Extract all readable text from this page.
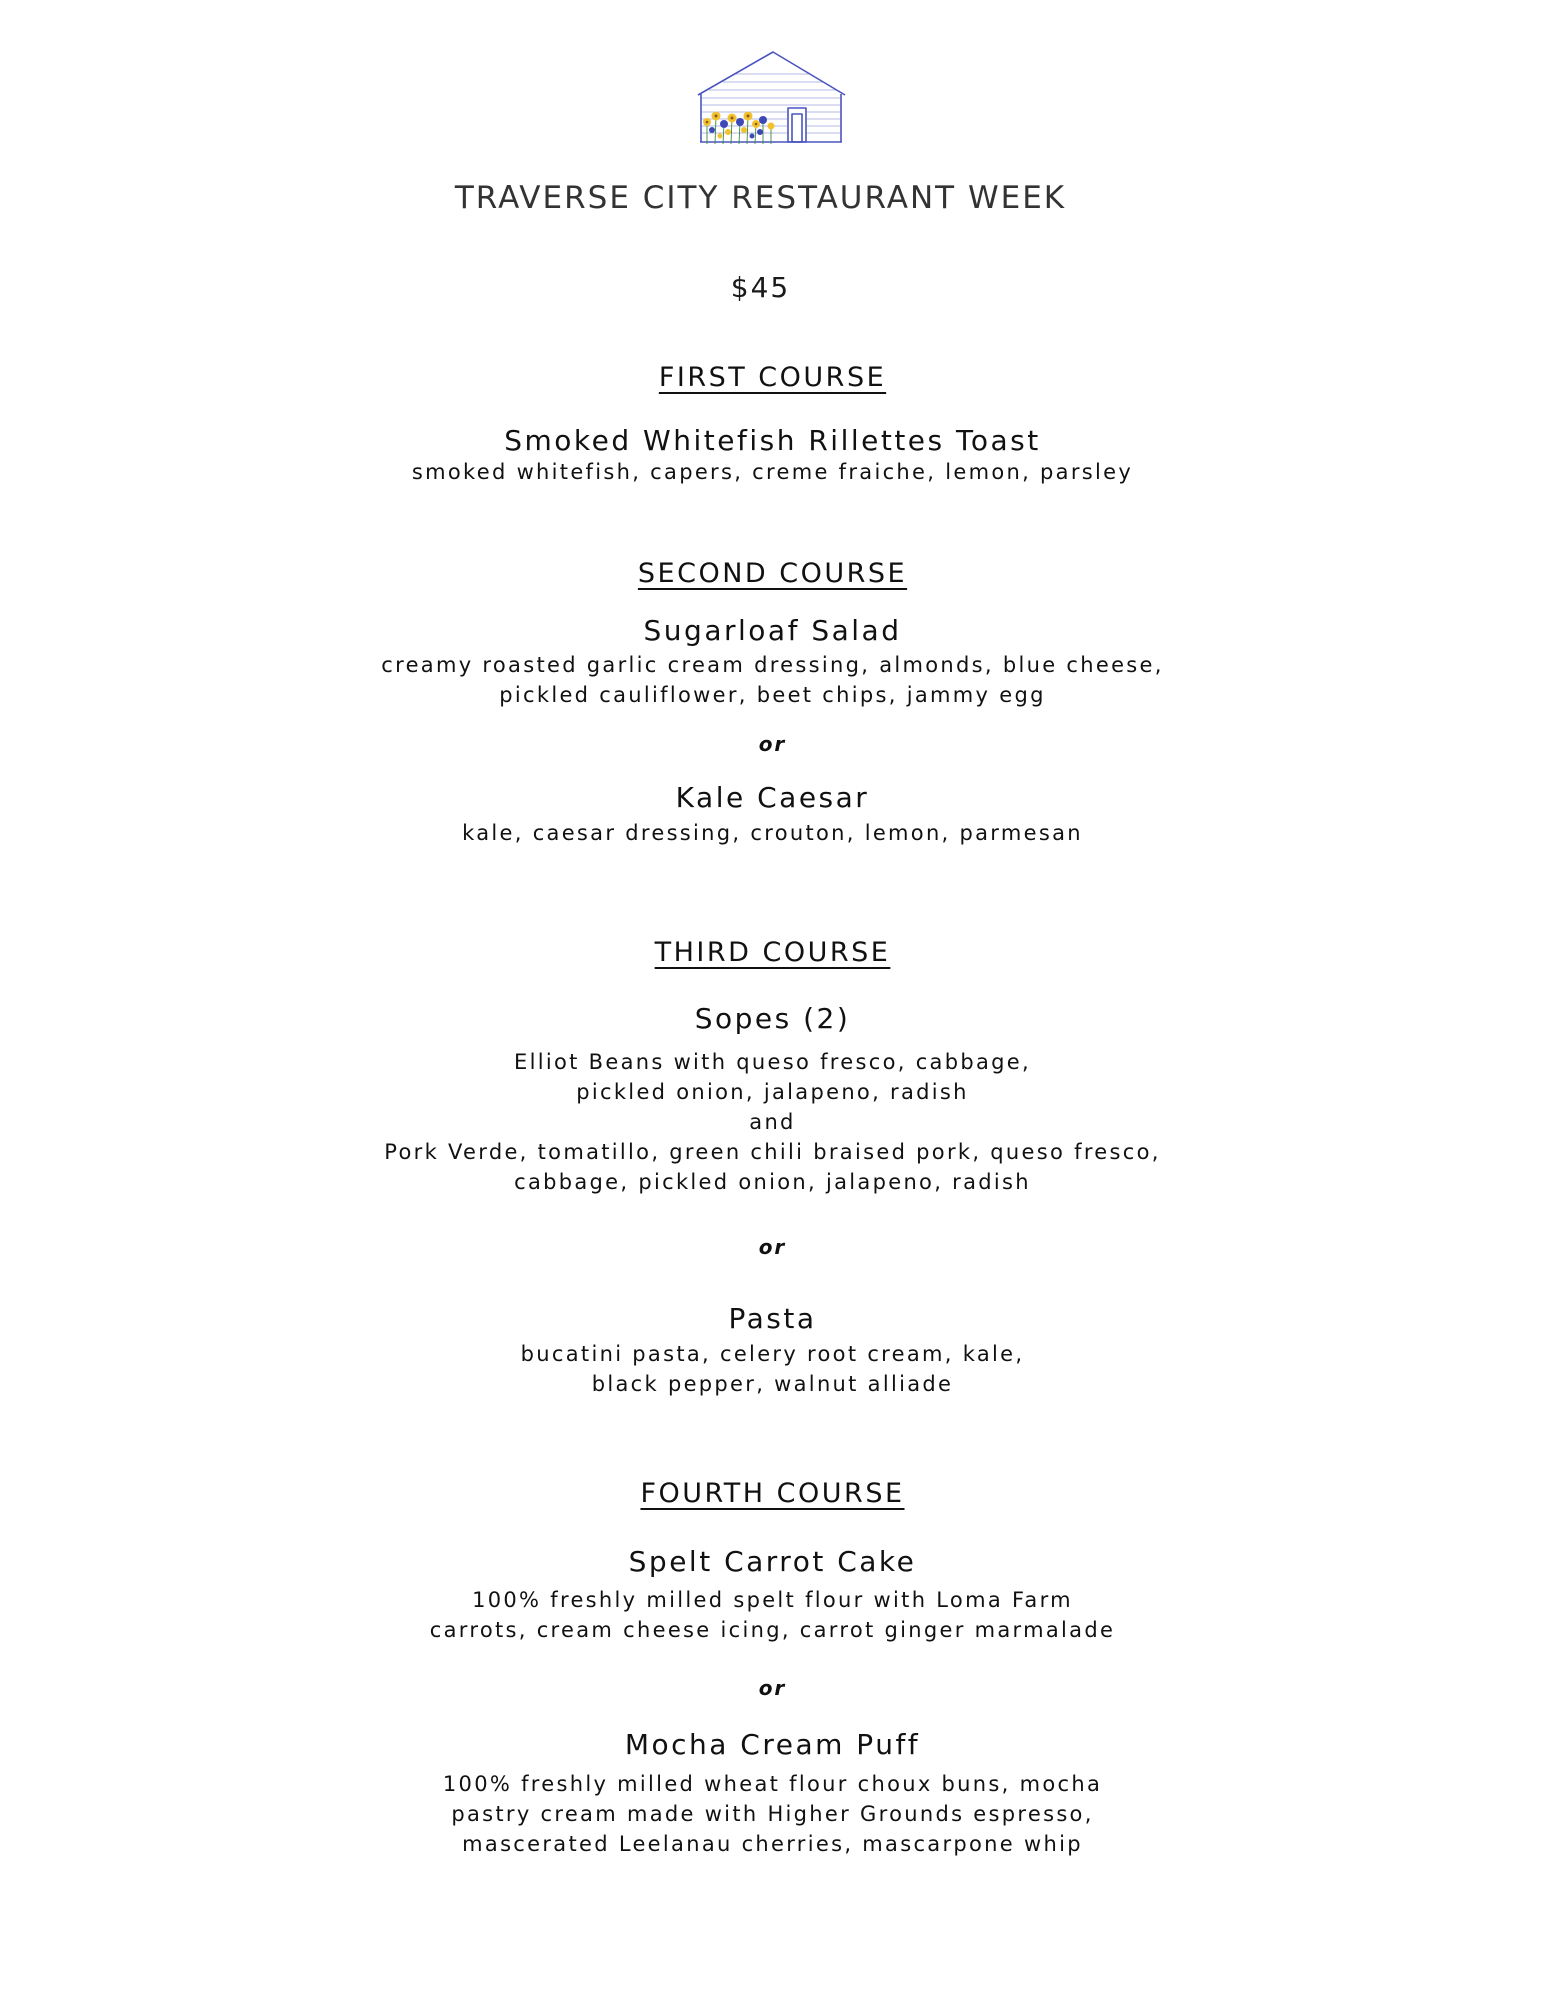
TRAVERSE CITY RESTAURANT WEEK
$45
FIRST COURSE
Smoked Whitefish Rillettes Toast
smoked whitefish, capers, creme fraiche, lemon, parsley
SECOND COURSE
Sugarloaf Salad
creamy roasted garlic cream dressing, almonds, blue cheese,
pickled cauliflower, beet chips, jammy egg
or
Kale Caesar
kale, caesar dressing, crouton, lemon, parmesan
THIRD COURSE
Sopes (2)
Elliot Beans with queso fresco, cabbage,
pickled onion, jalapeno, radish
and
Pork Verde, tomatillo, green chili braised pork, queso fresco,
cabbage, pickled onion, jalapeno, radish
or
Pasta
bucatini pasta, celery root cream, kale,
black pepper, walnut alliade
FOURTH COURSE
Spelt Carrot Cake
100% freshly milled spelt flour with Loma Farm
carrots, cream cheese icing, carrot ginger marmalade
or
Mocha Cream Puff
100% freshly milled wheat flour choux buns, mocha
pastry cream made with Higher Grounds espresso,
mascerated Leelanau cherries, mascarpone whip
